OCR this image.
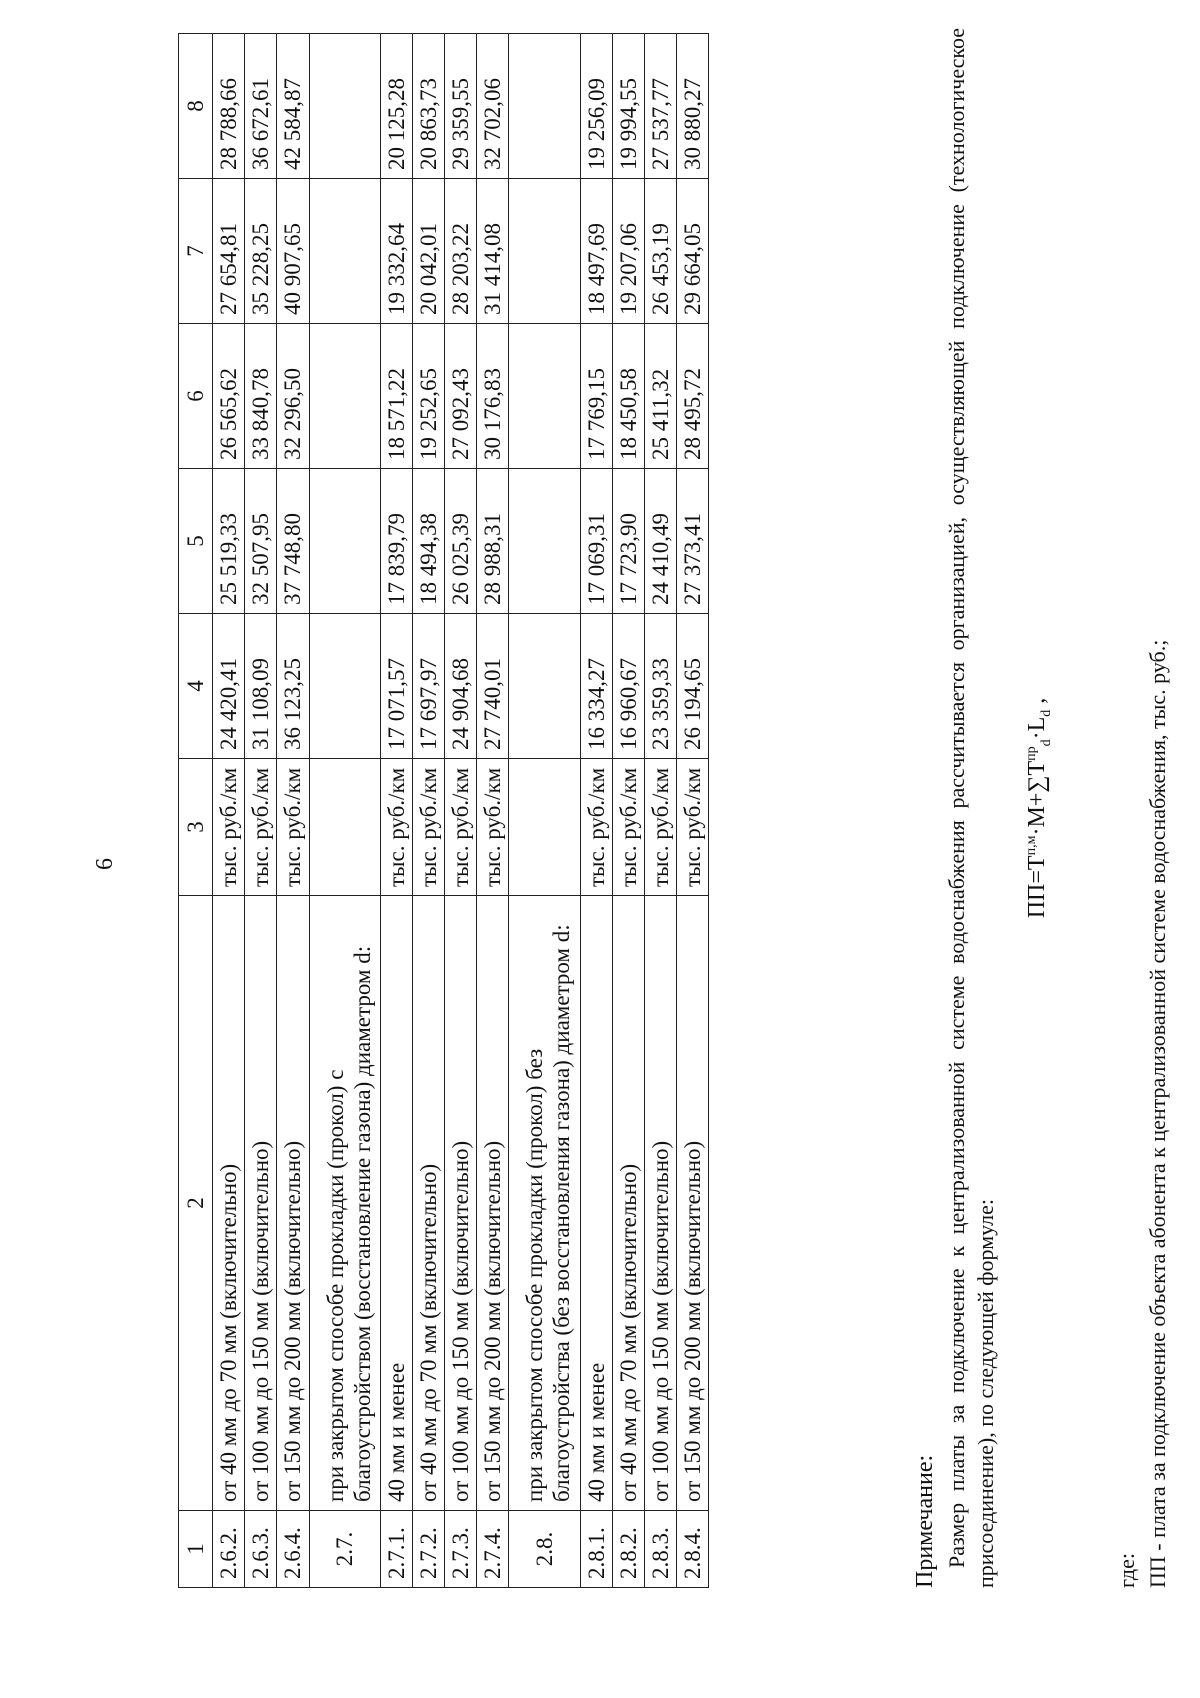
6
1	2	3	4	5	6	7	8
2.6.2.	от 40 мм до 70 мм (включительно)	тыс. руб./км	24 420,41	25 519,33	26 565,62	27 654,81	28 788,66
2.6.3.	от 100 мм до 150 мм (включительно)	тыс. руб./км	31 108,09	32 507,95	33 840,78	35 228,25	36 672,61
2.6.4.	от 150 мм до 200 мм (включительно)	тыс. руб./км	36 123,25	37 748,80	32 296,50	40 907,65	42 584,87
2.7.	при закрытом способе прокладки (прокол) с благоустройством (восстановление газона) диаметром d:						
2.7.1.	40 мм и менее	тыс. руб./км	17 071,57	17 839,79	18 571,22	19 332,64	20 125,28
2.7.2.	от 40 мм до 70 мм (включительно)	тыс. руб./км	17 697,97	18 494,38	19 252,65	20 042,01	20 863,73
2.7.3.	от 100 мм до 150 мм (включительно)	тыс. руб./км	24 904,68	26 025,39	27 092,43	28 203,22	29 359,55
2.7.4.	от 150 мм до 200 мм (включительно)	тыс. руб./км	27 740,01	28 988,31	30 176,83	31 414,08	32 702,06
2.8.	при закрытом способе прокладки (прокол) без благоустройства (без восстановления газона) диаметром d:						
2.8.1.	40 мм и менее	тыс. руб./км	16 334,27	17 069,31	17 769,15	18 497,69	19 256,09
2.8.2.	от 40 мм до 70 мм (включительно)	тыс. руб./км	16 960,67	17 723,90	18 450,58	19 207,06	19 994,55
2.8.3.	от 100 мм до 150 мм (включительно)	тыс. руб./км	23 359,33	24 410,49	25 411,32	26 453,19	27 537,77
2.8.4.	от 150 мм до 200 мм (включительно)	тыс. руб./км	26 194,65	27 373,41	28 495,72	29 664,05	30 880,27
Примечание: Размер платы за подключение к централизованной системе водоснабжения рассчитывается организацией, осуществляющей подключение (технологическое присоединение), по следующей формуле:
$ПП=Т^{п,м}\cdot М+\sum Т^{пр}_d\cdot L_d$ ,
где: ПП - плата за подключение объекта абонента к централизованной системе водоснабжения, тыс. руб.;
